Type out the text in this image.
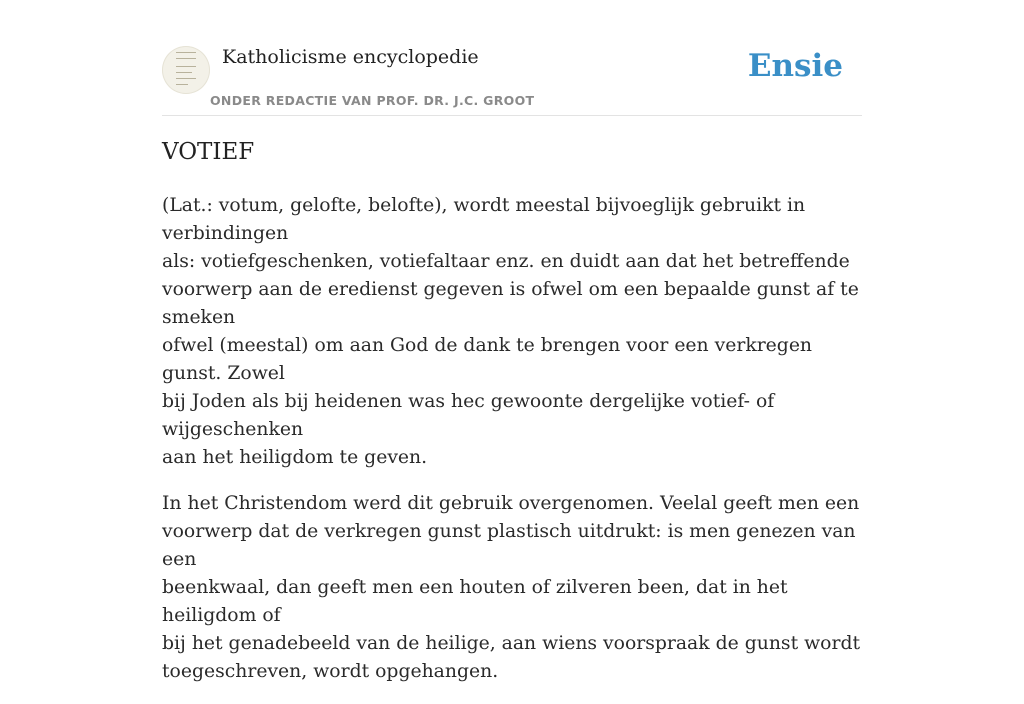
Katholicisme encyclopedie
ONDER REDACTIE VAN PROF. DR. J.C. GROOT
Ensie
VOTIEF

(Lat.: votum, gelofte, belofte), wordt meestal bijvoeglijk gebruikt in verbindingen
als: votiefgeschenken, votiefaltaar enz. en duidt aan dat het betreffende
voorwerp aan de eredienst gegeven is ofwel om een bepaalde gunst af te smeken
ofwel (meestal) om aan God de dank te brengen voor een verkregen gunst. Zowel
bij Joden als bij heidenen was hec gewoonte dergelijke votief- of wijgeschenken
aan het heiligdom te geven.

In het Christendom werd dit gebruik overgenomen. Veelal geeft men een
voorwerp dat de verkregen gunst plastisch uitdrukt: is men genezen van een
beenkwaal, dan geeft men een houten of zilveren been, dat in het heiligdom of
bij het genadebeeld van de heilige, aan wiens voorspraak de gunst wordt
toegeschreven, wordt opgehangen.
